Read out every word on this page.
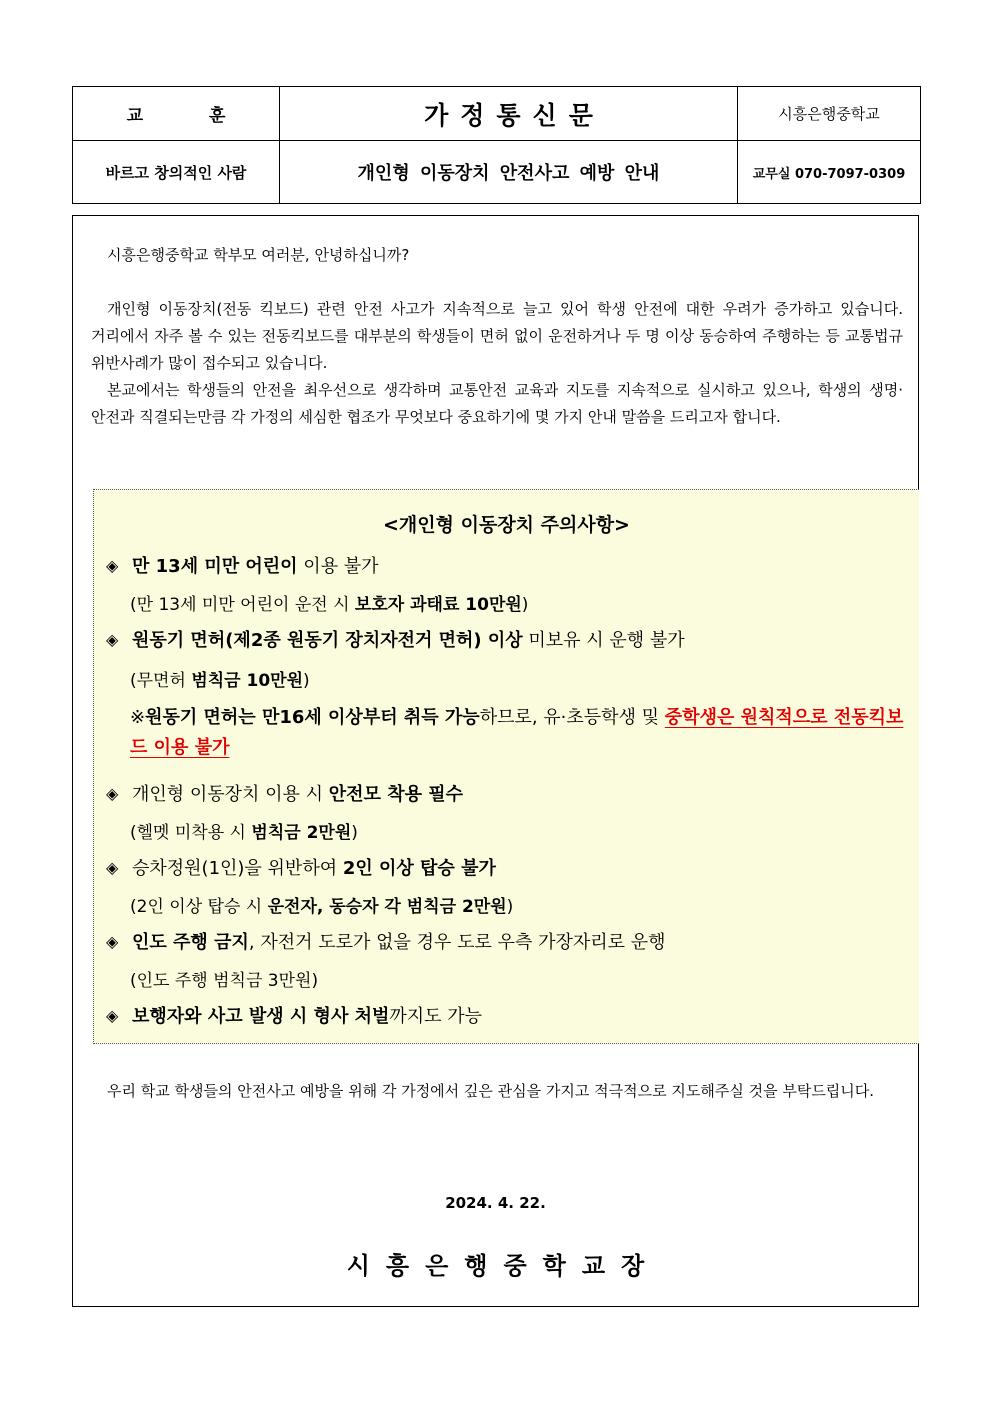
교 훈	가정통신문	시흥은행중학교
바르고 창의적인 사람	개인형 이동장치 안전사고 예방 안내	교무실 070-7097-0309
시흥은행중학교 학부모 여러분, 안녕하십니까?
개인형 이동장치(전동 킥보드) 관련 안전 사고가 지속적으로 늘고 있어 학생 안전에 대한 우려가 증가하고 있습니다. 거리에서 자주 볼 수 있는 전동킥보드를 대부분의 학생들이 면허 없이 운전하거나 두 명 이상 동승하여 주행하는 등 교통법규 위반사례가 많이 접수되고 있습니다.
본교에서는 학생들의 안전을 최우선으로 생각하며 교통안전 교육과 지도를 지속적으로 실시하고 있으나, 학생의 생명·안전과 직결되는만큼 각 가정의 세심한 협조가 무엇보다 중요하기에 몇 가지 안내 말씀을 드리고자 합니다.
<개인형 이동장치 주의사항>
◈ 만 13세 미만 어린이 이용 불가
(만 13세 미만 어린이 운전 시 보호자 과태료 10만원)
◈ 원동기 면허(제2종 원동기 장치자전거 면허) 이상 미보유 시 운행 불가
(무면허 범칙금 10만원)
※원동기 면허는 만16세 이상부터 취득 가능하므로, 유·초등학생 및 중학생은 원칙적으로 전동킥보드 이용 불가
◈ 개인형 이동장치 이용 시 안전모 착용 필수
(헬멧 미착용 시 범칙금 2만원)
◈ 승차정원(1인)을 위반하여 2인 이상 탑승 불가
(2인 이상 탑승 시 운전자, 동승자 각 범칙금 2만원)
◈ 인도 주행 금지, 자전거 도로가 없을 경우 도로 우측 가장자리로 운행
(인도 주행 범칙금 3만원)
◈ 보행자와 사고 발생 시 형사 처벌까지도 가능
우리 학교 학생들의 안전사고 예방을 위해 각 가정에서 깊은 관심을 가지고 적극적으로 지도해주실 것을 부탁드립니다.
2024. 4. 22.
시흥은행중학교장
